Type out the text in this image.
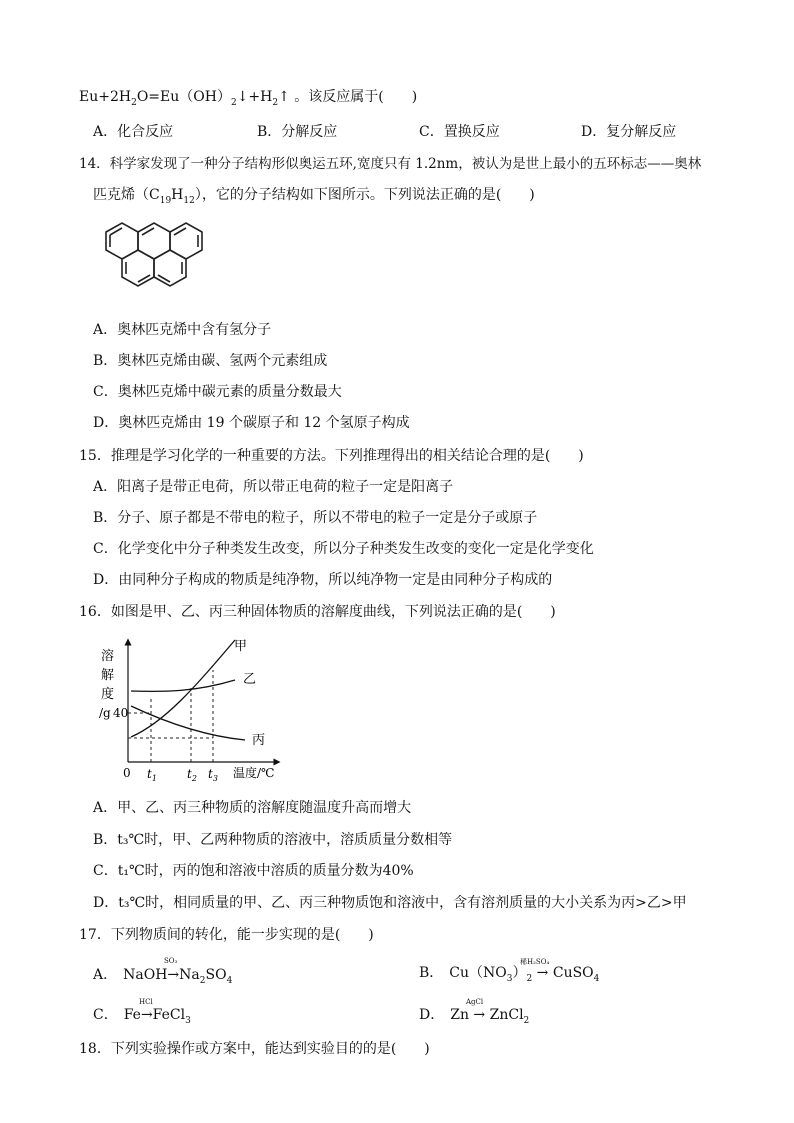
$Eu+2H_2O=Eu(OH)_2↓+H_2↑$ 。该反应属于(　　)
A．化合反应	B．分解反应	C．置换反应	D．复分解反应
14．科学家发现了一种分子结构形似奥运五环,宽度只有 1.2nm，被认为是世上最小的五环标志——奥林
匹克烯$(C_{19}H_{12})$，它的分子结构如下图所示。下列说法正确的是(　　)
A．奥林匹克烯中含有氢分子
B．奥林匹克烯由碳、氢两个元素组成
C．奥林匹克烯中碳元素的质量分数最大
D．奥林匹克烯由 19 个碳原子和 12 个氢原子构成
15．推理是学习化学的一种重要的方法。下列推理得出的相关结论合理的是(　　)
A．阳离子是带正电荷，所以带正电荷的粒子一定是阳离子
B．分子、原子都是不带电的粒子，所以不带电的粒子一定是分子或原子
C．化学变化中分子种类发生改变，所以分子种类发生改变的变化一定是化学变化
D．由同种分子构成的物质是纯净物，所以纯净物一定是由同种分子构成的
16．如图是甲、乙、丙三种固体物质的溶解度曲线，下列说法正确的是(　　)
溶
解
度
/g 40
0 $t_1$	$t_2$ $t_3$ 温度/℃
甲
乙
丙
A．甲、乙、丙三种物质的溶解度随温度升高而增大
B．t₃℃时，甲、乙两种物质的溶液中，溶质质量分数相等
C．t₁℃时，丙的饱和溶液中溶质的质量分数为40%
D．t₃℃时，相同质量的甲、乙、丙三种物质饱和溶液中，含有溶剂质量的大小关系为丙>乙>甲
17．下列物质间的转化，能一步实现的是(　　)
SO₃
A． $NaOH\to Na_2SO_4$
稀H₂SO₄
B． $Cu(NO_3)_2$ → CuSO$_4$
HCl
C． Fe→FeCl$_3$
AgCl
D． Zn → ZnCl$_2$
18．下列实验操作或方案中，能达到实验目的的是(　　)
